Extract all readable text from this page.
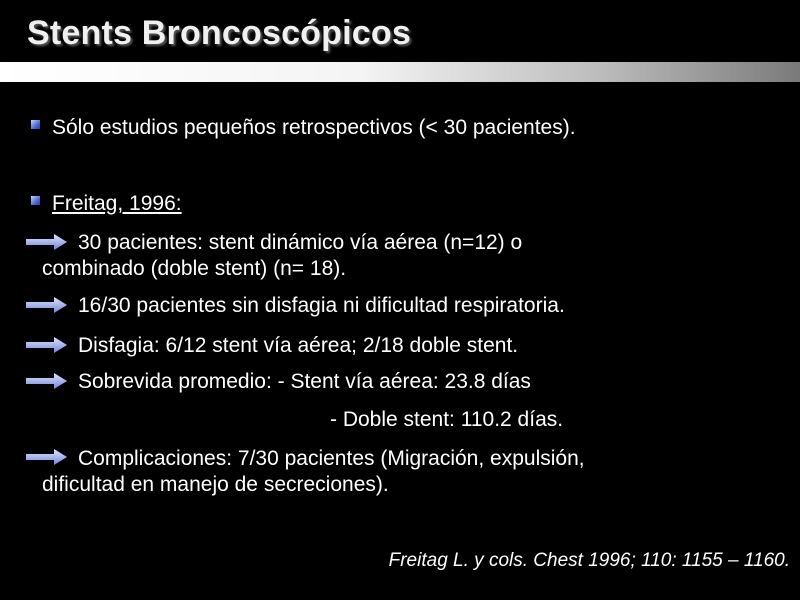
Stents Broncoscópicos
Sólo estudios pequeños retrospectivos (< 30 pacientes).
Freitag, 1996:
30 pacientes: stent dinámico vía aérea (n=12) o
combinado (doble stent) (n= 18).
16/30 pacientes sin disfagia ni dificultad respiratoria.
Disfagia: 6/12 stent vía aérea; 2/18 doble stent.
Sobrevida promedio: - Stent vía aérea: 23.8 días
- Doble stent: 110.2 días.
Complicaciones: 7/30 pacientes (Migración, expulsión,
dificultad en manejo de secreciones).
Freitag L. y cols. Chest 1996; 110: 1155 – 1160.
